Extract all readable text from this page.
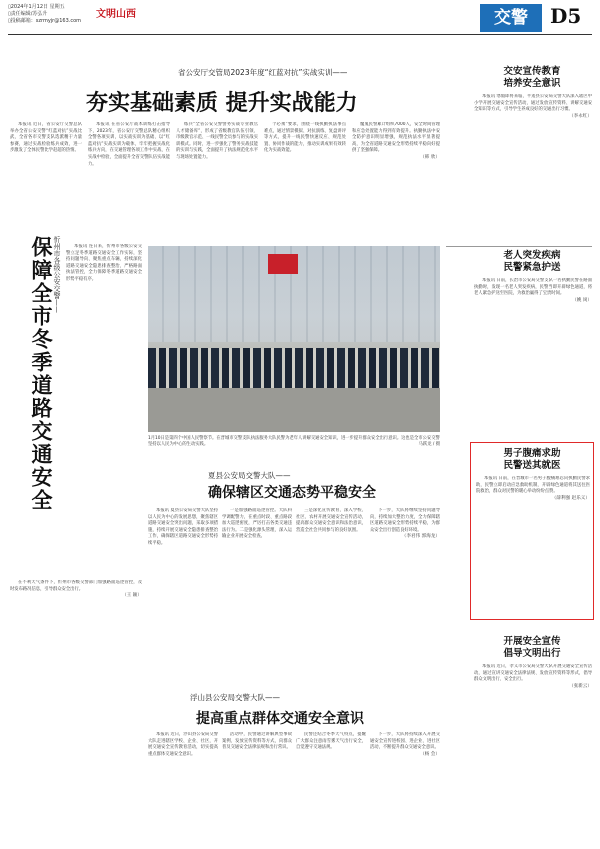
▯2024年1月12日 星期五
▯责任编辑/苏弘升
▯投稿邮箱：szrmyjr@163.com
文明山西	交警	D5
省公安厅交管局2023年度“红蓝对抗”实战实训——
夯实基础素质 提升实战能力

本报讯 在省公安厅战术训练打击指导下，2023年，省公安厅交警总队精心组织全警各项实训，以实战实训为基础、以“红蓝对抗”实战实训为载体，牢牢把握实战化练兵方向，在交通管理各项工作中实战、在实战中检验，全面提升全省交警队伍实战能力。

练兵“全省公安交警警务实战专业教官人才储备库”，形成了省级教官队伍引领、市级教官示范、一线民警全员参与的实战实训模式。同时，进一步强化了警务实战技能的实训与实践，全面提升了执法规范化水平与现场处置能力。

个必须”要求，围绕一线执勤执法事点难点，通过情景模拟、对抗演练、复盘讲评等方式，提升一线民警快速反应、规范处置、协同作战的能力，推动实训成果有效转化为实战效能。

魔鬼民警累计组织7000人，安全时间管理和应急处置能力得到有效提升。执勤执法中安全防护意识明显增强，规范执法水平显著提高，为全省道路交通安全形势持续平稳向好提供了坚强保障。

（韩 欣）

本报讯 近日，省公安厅交警总队举办全省公安交警“红蓝对抗”实战比武，全省各市交警支队选派精干力量参赛，通过实战检验练兵成效，进一步激发了全体民警比学赶超的热情。

1月10日是第四个中国人民警察节。在晋城市交警支队执法服务大队民警为老年人讲解交通安全知识，进一步提升群众安全出行意识。这也是全市公安交警坚持以人民为中心的生动实践。	马跃龙 / 摄
忻州市各级公安交警——
保障全市冬季道路交通安全	本报讯 连日来，忻州市各级公安交警立足冬季道路交通安全工作实际，坚持问题导向、聚焦重点车辆，持续深化道路交通安全隐患排查整治，严格路面执法管控，全力保障冬季道路交通安全形势平稳有序。

在不利天气条件下，忻州市各级交警部门加强路面巡逻管控，及时发布路况信息，引导群众安全出行。

（王 颖）
夏县公安局交警大队——
确保辖区交通态势平稳安全

本报讯 夏县公安局交警大队坚持以人民为中心的发展思想，聚焦辖区道路交通安全突出问题，采取多项措施，持续开展交通安全隐患排查整治工作，确保辖区道路交通安全形势持续平稳。

一是加强路面巡逻管控。大队科学调配警力，在重点时段、重点路段加大巡逻密度，严厉打击各类交通违法行为。二是强化源头管理，深入运输企业开展安全检查。

三是深化宣传教育，深入学校、社区、农村开展交通安全宣传活动，提高群众交通安全意识和法治意识，营造全社会共同参与的良好氛围。

下一步，大队将继续坚持问题导向，持续加大整治力度，全力保障辖区道路交通安全形势持续平稳，为群众安全出行创造良好环境。

（李君伟 郭海龙）
浮山县公安局交警大队——
提高重点群体交通安全意识

本报讯 近日，浮山县公安局交警大队走进辖区学校、企业、社区，开展交通安全宣传教育活动，切实提高重点群体交通安全意识。

活动中，民警通过讲解典型事故案例、发放宣传资料等方式，向群众普及交通安全法律法规和出行常识。

民警还结合冬季天气特点，提醒广大群众注意雨雪雾天气出行安全，自觉遵守交通法规。

下一步，大队将持续深入开展交通安全宣传进校园、进企业、进社区活动，不断提升群众交通安全意识。

（杨 会）
交安宣传教育
培养安全意识

本报讯 寒假即将来临，平遥县公安局交警大队深入辖区中小学开展交通安全宣传活动，通过发放宣传资料、讲解交通安全知识等方式，引导学生养成良好的交通出行习惯。

（李永红）
老人突发疾病
民警紧急护送

本报讯 日前，长治市公安局交警支队一名执勤民警在路面执勤时，发现一名老人突发疾病，民警当即开辟绿色通道，将老人紧急护送至医院，为救治赢得了宝贵时间。

（姚 岗）
男子腹痛求助
民警送其就医

本报讯 日前，在晋城市一名男子腹痛难忍向执勤民警求助，民警立即启动应急救助机制，开辟绿色通道将其送往医院救治，群众对民警的暖心举动纷纷点赞。

（薛利强 赵乐义）
开展安全宣传
倡导文明出行

本报讯 近日，孝义市公安局交警大队开展交通安全宣传活动，通过宣讲交通安全法律法规、发放宣传资料等形式，倡导群众文明出行、安全出行。

（张新云）
